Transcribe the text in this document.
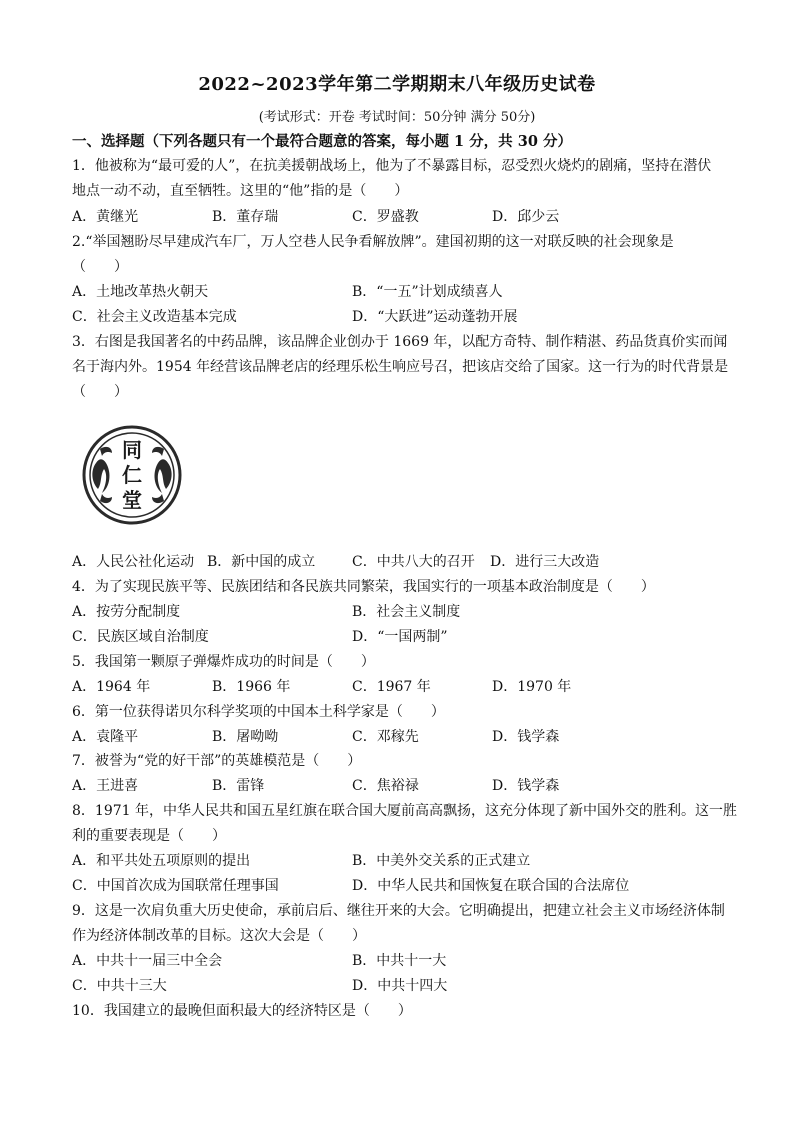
2022~2023学年第二学期期末八年级历史试卷
(考试形式：开卷 考试时间：50分钟 满分 50分)
一、选择题（下列各题只有一个最符合题意的答案，每小题 1 分，共 30 分）
1．他被称为“最可爱的人”，在抗美援朝战场上，他为了不暴露目标，忍受烈火烧灼的剧痛，坚持在潜伏
地点一动不动，直至牺牲。这里的“他”指的是（　　）
A．黄继光	B．董存瑞	C．罗盛教	D．邱少云
2.“举国翘盼尽早建成汽车厂，万人空巷人民争看解放牌”。建国初期的这一对联反映的社会现象是
（　　）
A．土地改革热火朝天	B．“一五”计划成绩喜人
C．社会主义改造基本完成	D．“大跃进”运动蓬勃开展
3．右图是我国著名的中药品牌，该品牌企业创办于 1669 年，以配方奇特、制作精湛、药品货真价实而闻
名于海内外。1954 年经营该品牌老店的经理乐松生响应号召，把该店交给了国家。这一行为的时代背景是
（　　）
同
仁
堂
A．人民公社化运动 B．新中国的成立	C．中共八大的召开 D．进行三大改造
4．为了实现民族平等、民族团结和各民族共同繁荣，我国实行的一项基本政治制度是（　　）
A．按劳分配制度	B．社会主义制度
C．民族区域自治制度	D．“一国两制”
5．我国第一颗原子弹爆炸成功的时间是（　　）
A．1964 年	B．1966 年	C．1967 年	D．1970 年
6．第一位获得诺贝尔科学奖项的中国本土科学家是（　　）
A．袁隆平	B．屠呦呦	C．邓稼先	D．钱学森
7．被誉为“党的好干部”的英雄模范是（　　）
A．王进喜	B．雷锋	C．焦裕禄	D．钱学森
8．1971 年，中华人民共和国五星红旗在联合国大厦前高高飘扬，这充分体现了新中国外交的胜利。这一胜
利的重要表现是（　　）
A．和平共处五项原则的提出	B．中美外交关系的正式建立
C．中国首次成为国联常任理事国	D．中华人民共和国恢复在联合国的合法席位
9．这是一次肩负重大历史使命，承前启后、继往开来的大会。它明确提出，把建立社会主义市场经济体制
作为经济体制改革的目标。这次大会是（　　）
A．中共十一届三中全会	B．中共十一大
C．中共十三大	D．中共十四大
10．我国建立的最晚但面积最大的经济特区是（　　）
